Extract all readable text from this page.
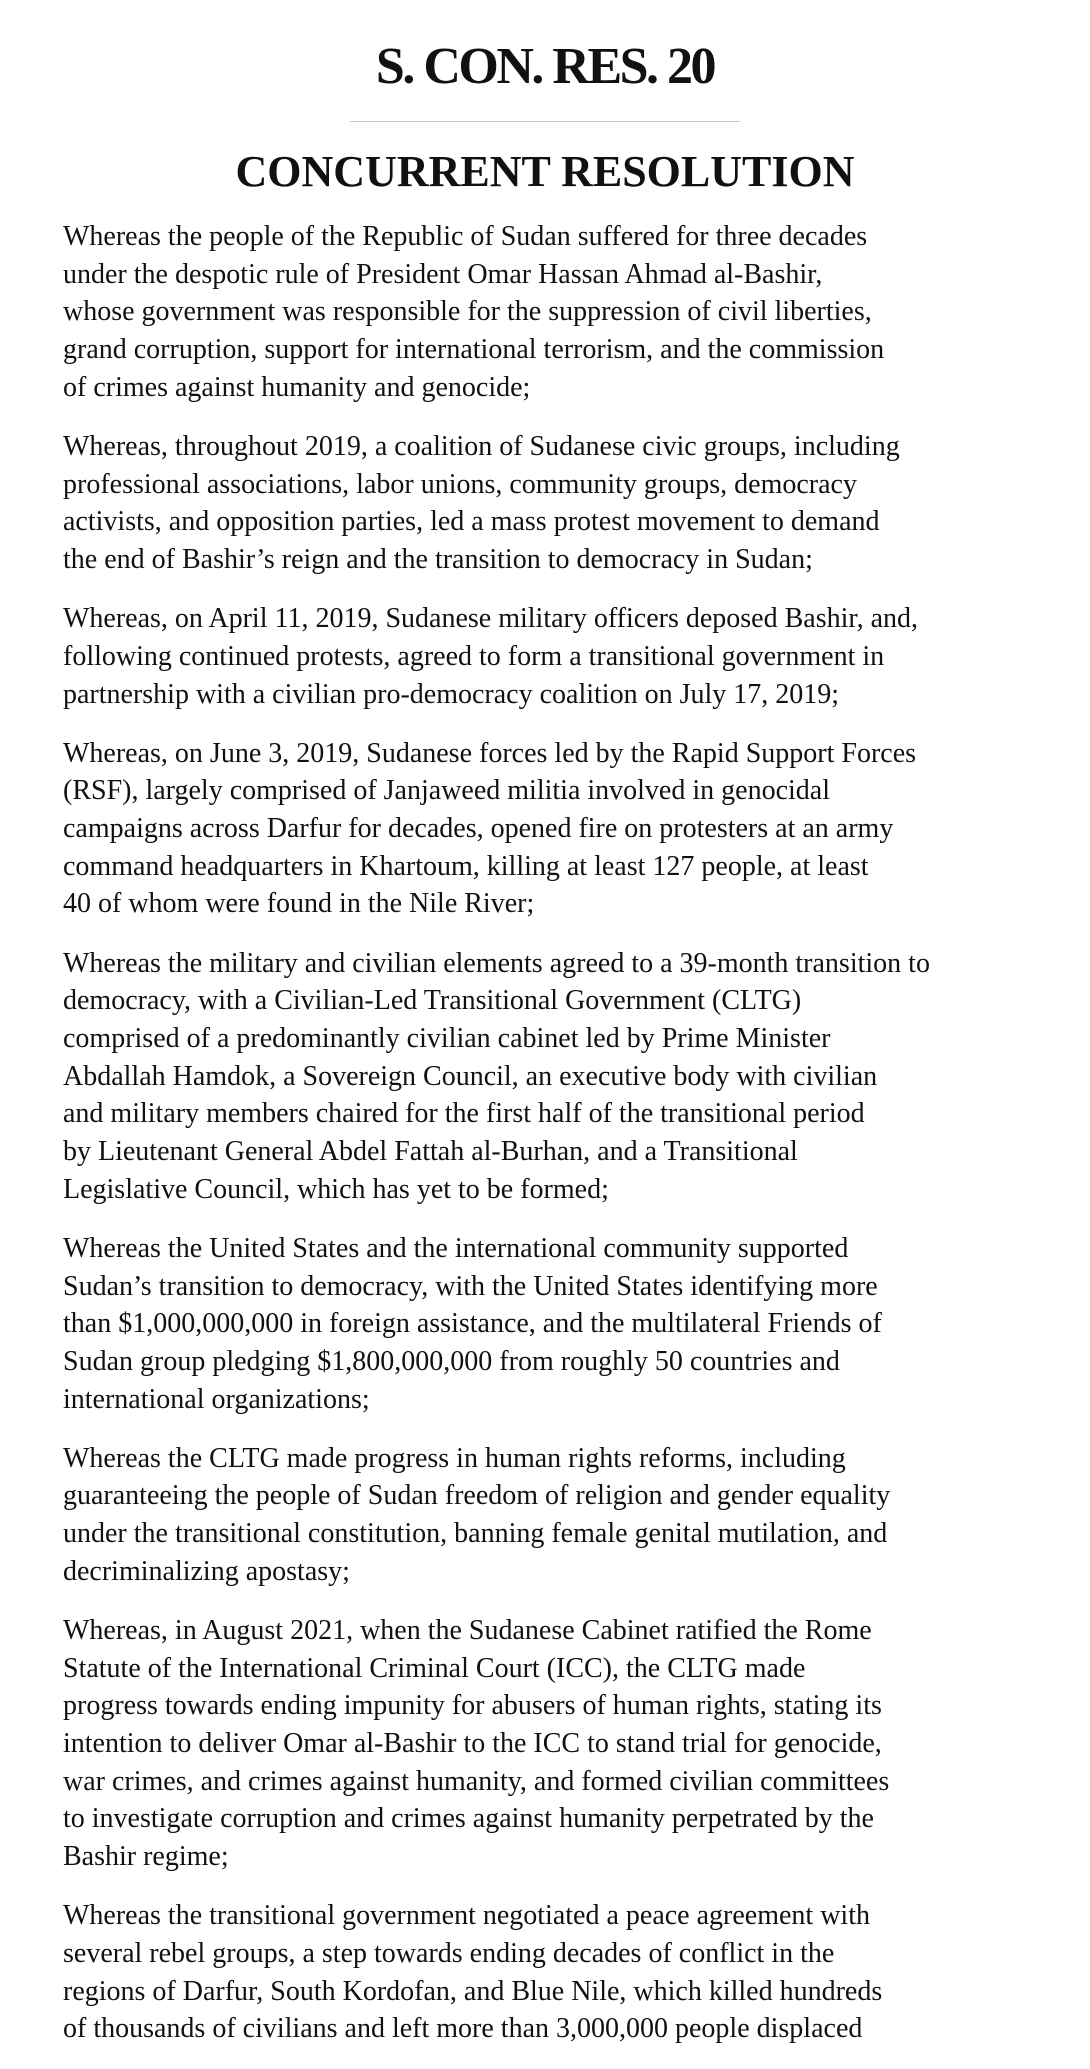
S. CON. RES. 20
CONCURRENT RESOLUTION

Whereas the people of the Republic of Sudan suffered for three decades
under the despotic rule of President Omar Hassan Ahmad al-Bashir,
whose government was responsible for the suppression of civil liberties,
grand corruption, support for international terrorism, and the commission
of crimes against humanity and genocide;

Whereas, throughout 2019, a coalition of Sudanese civic groups, including
professional associations, labor unions, community groups, democracy
activists, and opposition parties, led a mass protest movement to demand
the end of Bashir’s reign and the transition to democracy in Sudan;

Whereas, on April 11, 2019, Sudanese military officers deposed Bashir, and,
following continued protests, agreed to form a transitional government in
partnership with a civilian pro-democracy coalition on July 17, 2019;

Whereas, on June 3, 2019, Sudanese forces led by the Rapid Support Forces
(RSF), largely comprised of Janjaweed militia involved in genocidal
campaigns across Darfur for decades, opened fire on protesters at an army
command headquarters in Khartoum, killing at least 127 people, at least
40 of whom were found in the Nile River;

Whereas the military and civilian elements agreed to a 39-month transition to
democracy, with a Civilian-Led Transitional Government (CLTG)
comprised of a predominantly civilian cabinet led by Prime Minister
Abdallah Hamdok, a Sovereign Council, an executive body with civilian
and military members chaired for the first half of the transitional period
by Lieutenant General Abdel Fattah al-Burhan, and a Transitional
Legislative Council, which has yet to be formed;

Whereas the United States and the international community supported
Sudan’s transition to democracy, with the United States identifying more
than $1,000,000,000 in foreign assistance, and the multilateral Friends of
Sudan group pledging $1,800,000,000 from roughly 50 countries and
international organizations;

Whereas the CLTG made progress in human rights reforms, including
guaranteeing the people of Sudan freedom of religion and gender equality
under the transitional constitution, banning female genital mutilation, and
decriminalizing apostasy;

Whereas, in August 2021, when the Sudanese Cabinet ratified the Rome
Statute of the International Criminal Court (ICC), the CLTG made
progress towards ending impunity for abusers of human rights, stating its
intention to deliver Omar al-Bashir to the ICC to stand trial for genocide,
war crimes, and crimes against humanity, and formed civilian committees
to investigate corruption and crimes against humanity perpetrated by the
Bashir regime;

Whereas the transitional government negotiated a peace agreement with
several rebel groups, a step towards ending decades of conflict in the
regions of Darfur, South Kordofan, and Blue Nile, which killed hundreds
of thousands of civilians and left more than 3,000,000 people displaced
